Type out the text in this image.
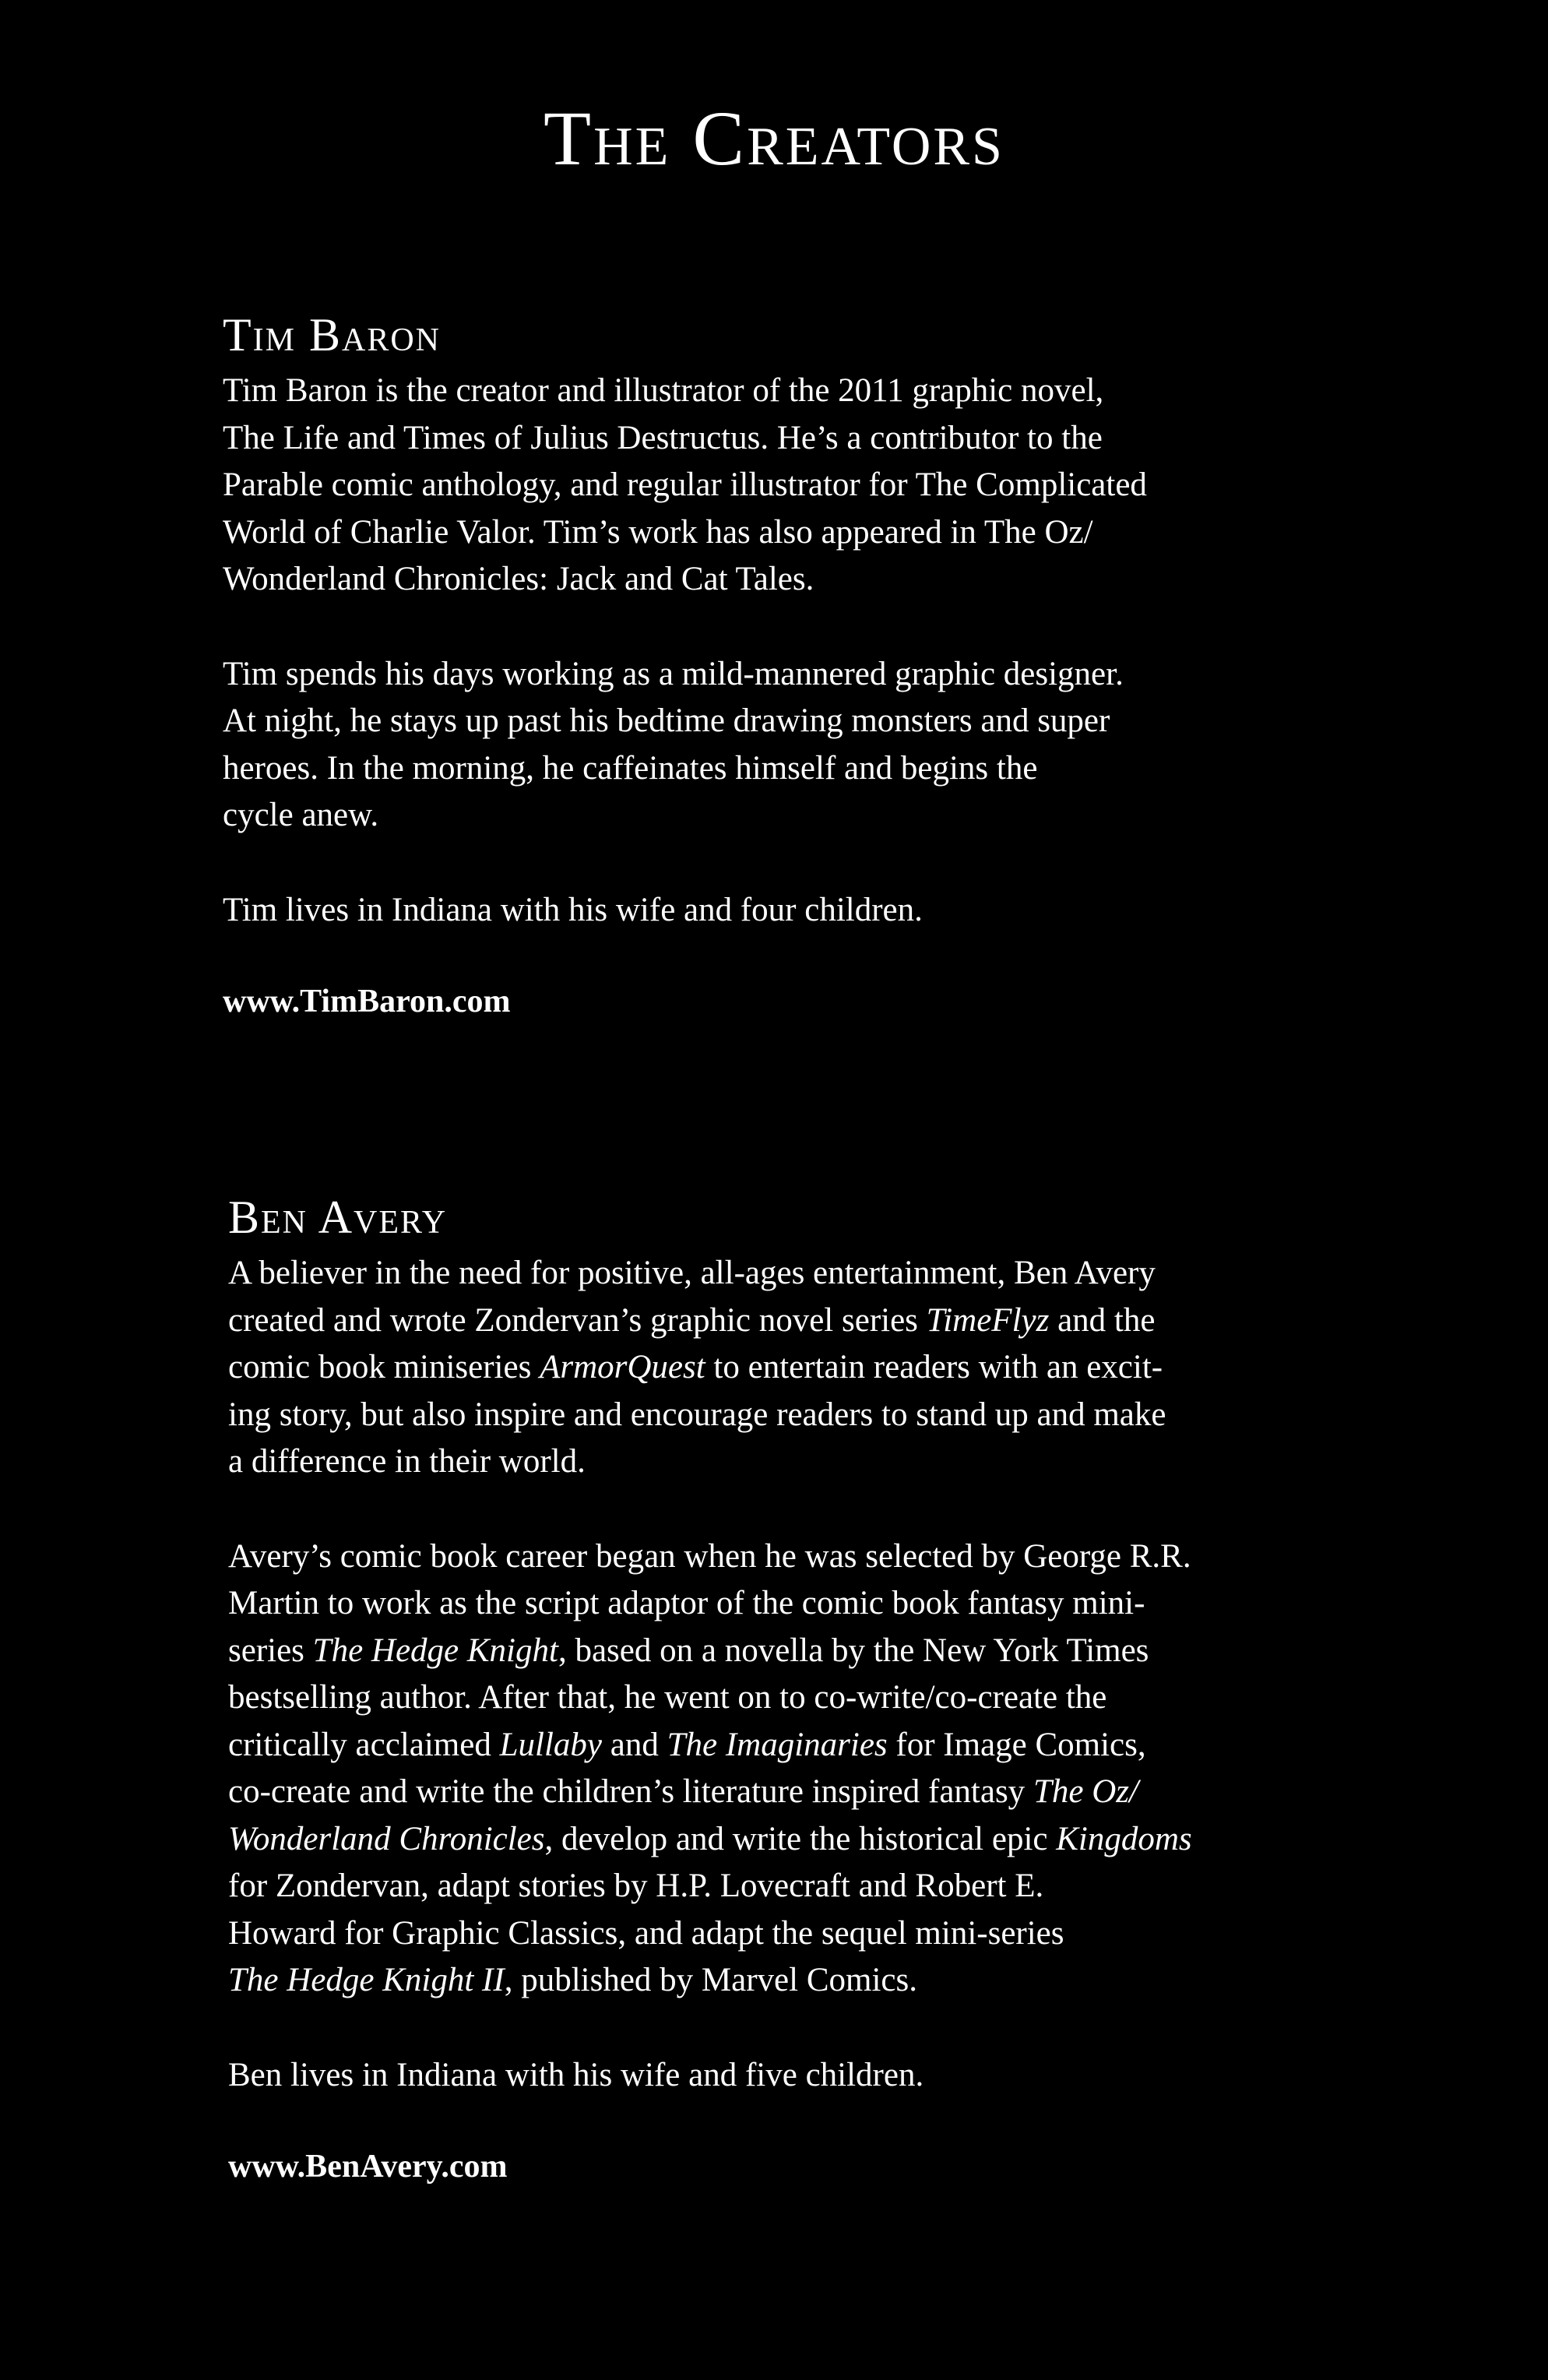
The Creators
Tim Baron

Tim Baron is the creator and illustrator of the 2011 graphic novel,
The Life and Times of Julius Destructus. He’s a contributor to the
Parable comic anthology, and regular illustrator for The Complicated
World of Charlie Valor. Tim’s work has also appeared in The Oz/
Wonderland Chronicles: Jack and Cat Tales.

Tim spends his days working as a mild-mannered graphic designer.
At night, he stays up past his bedtime drawing monsters and super
heroes. In the morning, he caffeinates himself and begins the
cycle anew.

Tim lives in Indiana with his wife and four children.

www.TimBaron.com

Ben Avery

A believer in the need for positive, all-ages entertainment, Ben Avery
created and wrote Zondervan’s graphic novel series TimeFlyz and the
comic book miniseries ArmorQuest to entertain readers with an excit-
ing story, but also inspire and encourage readers to stand up and make
a difference in their world.

Avery’s comic book career began when he was selected by George R.R.
Martin to work as the script adaptor of the comic book fantasy mini-
series The Hedge Knight, based on a novella by the New York Times
bestselling author. After that, he went on to co-write/co-create the
critically acclaimed Lullaby and The Imaginaries for Image Comics,
co-create and write the children’s literature inspired fantasy The Oz/
Wonderland Chronicles, develop and write the historical epic Kingdoms
for Zondervan, adapt stories by H.P. Lovecraft and Robert E.
Howard for Graphic Classics, and adapt the sequel mini-series
The Hedge Knight II, published by Marvel Comics.

Ben lives in Indiana with his wife and five children.

www.BenAvery.com
